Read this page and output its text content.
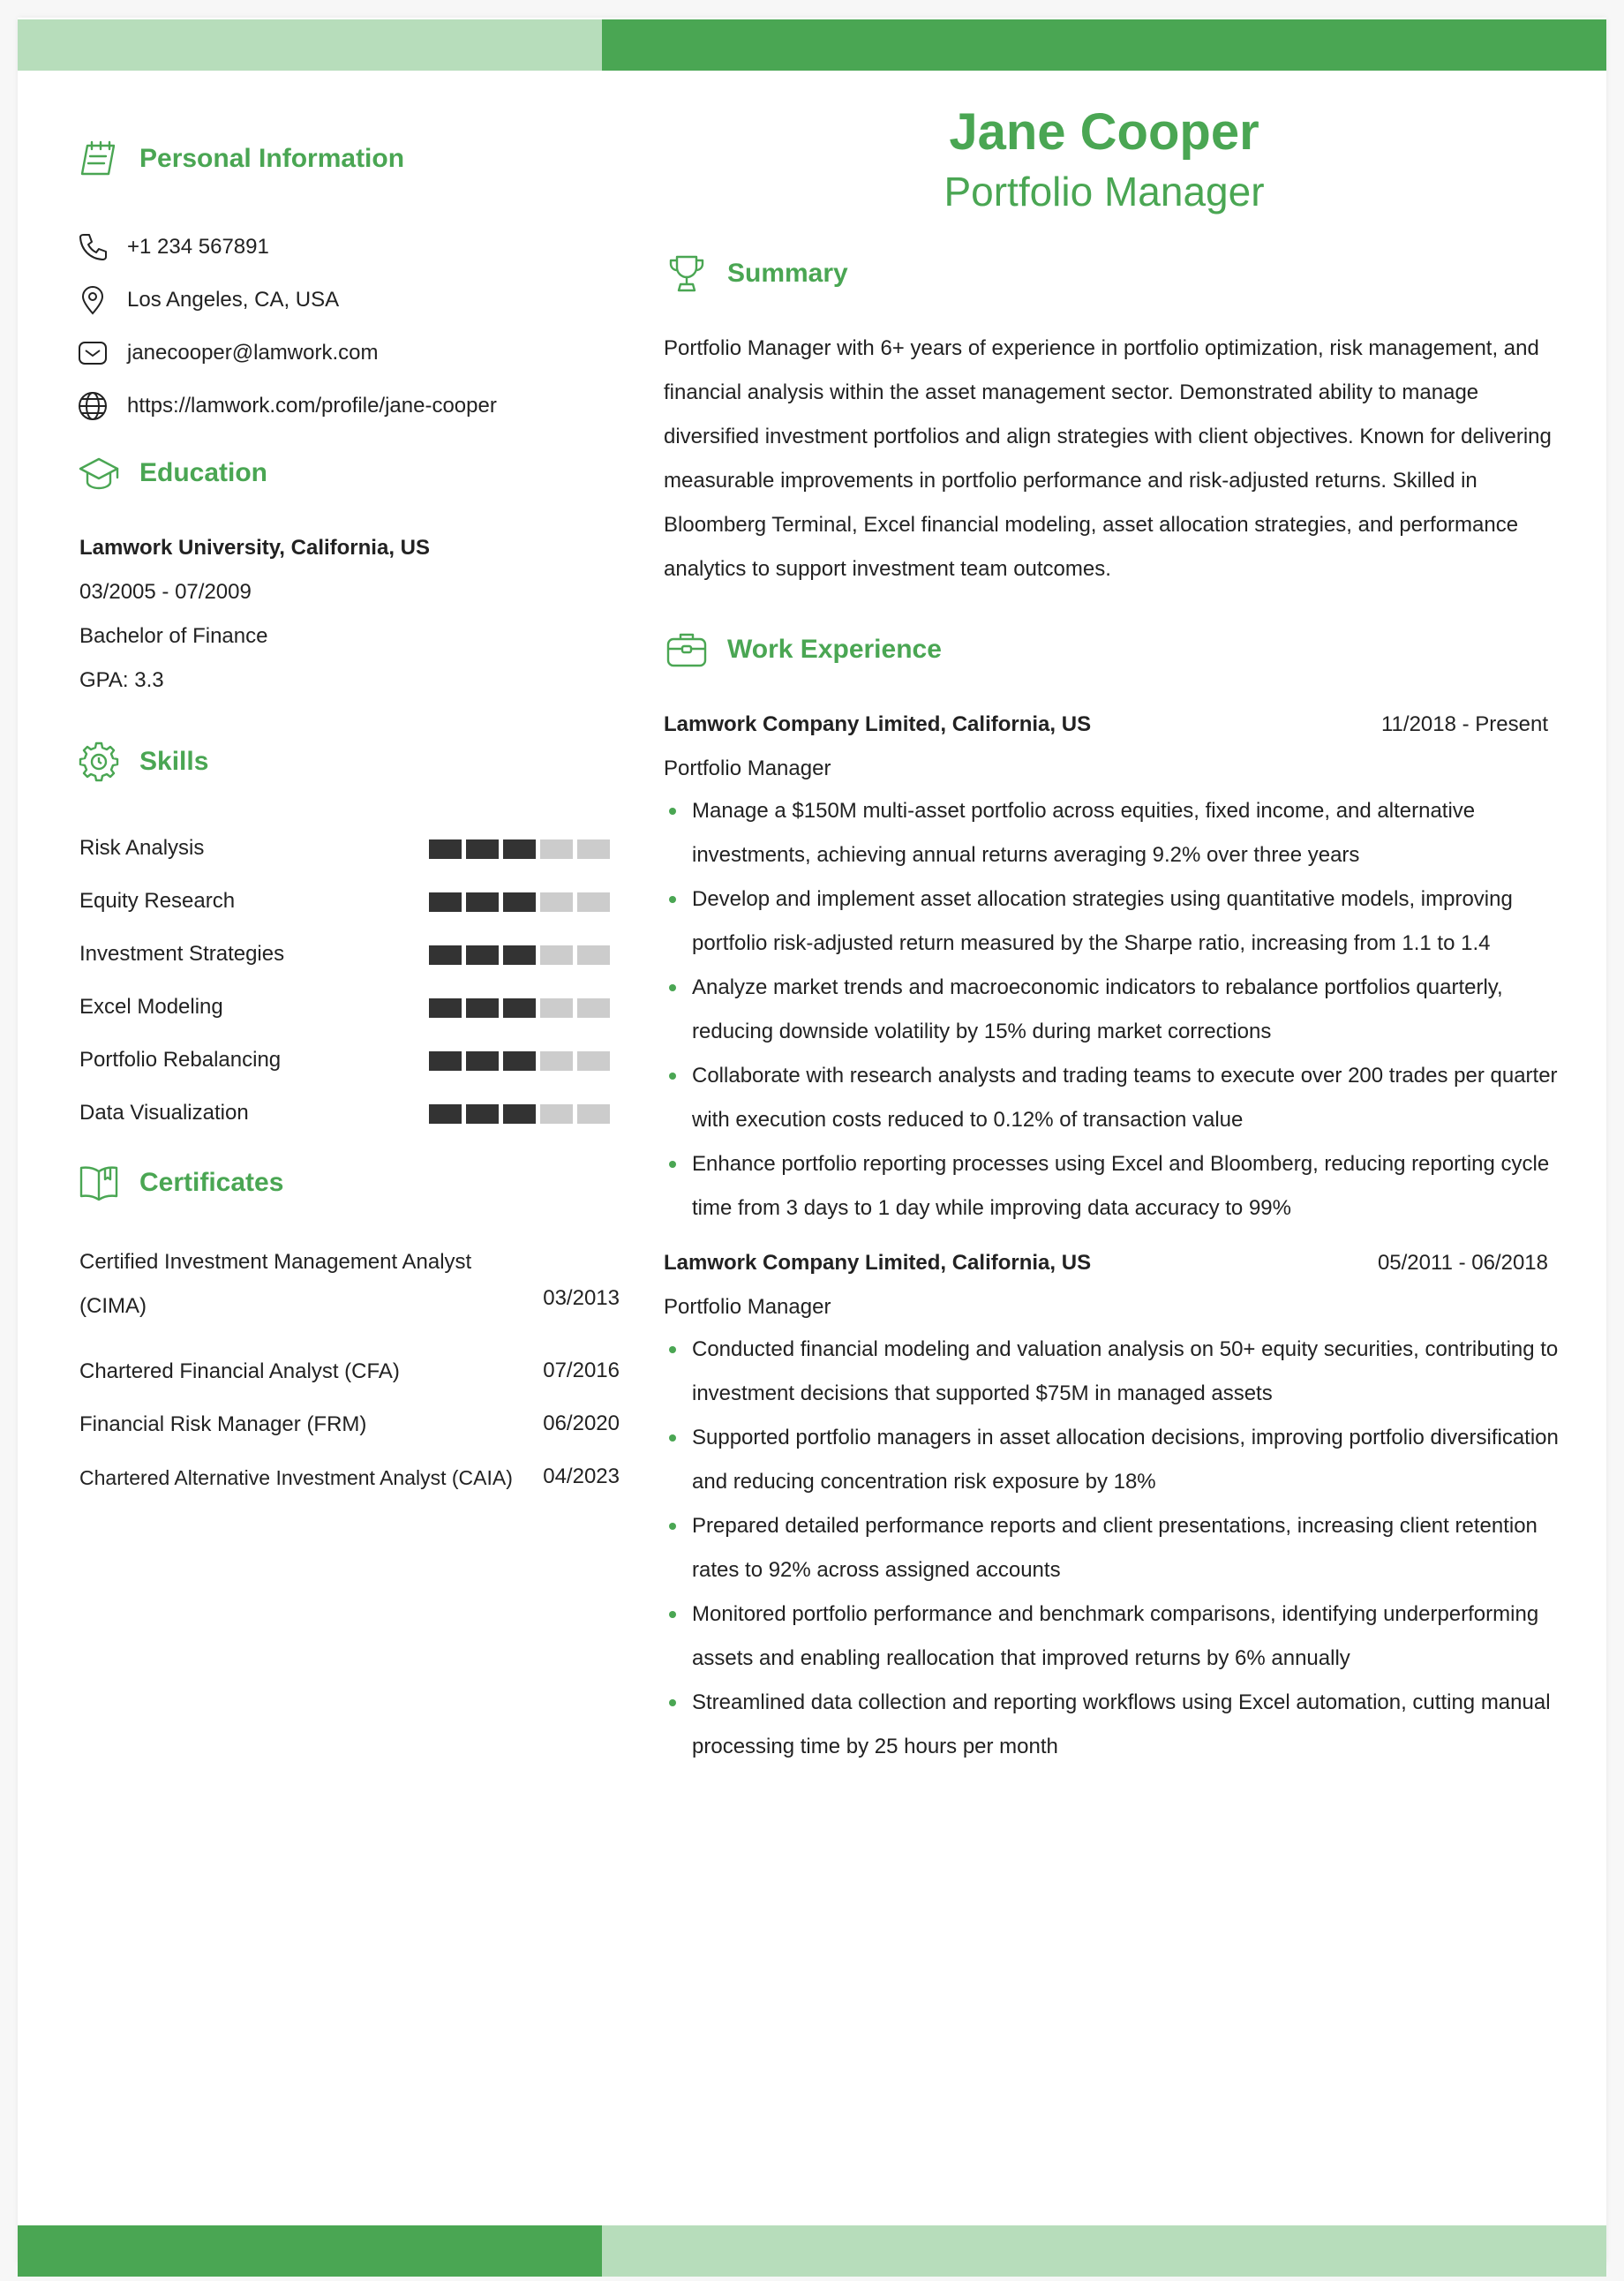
Personal Information
+1 234 567891
Los Angeles, CA, USA
janecooper@lamwork.com
https://lamwork.com/profile/jane-cooper
Education
Lamwork University, California, US
03/2005 - 07/2009
Bachelor of Finance
GPA: 3.3
Skills
Risk Analysis
Equity Research
Investment Strategies
Excel Modeling
Portfolio Rebalancing
Data Visualization
Certificates
Certified Investment Management Analyst (CIMA)	03/2013
Chartered Financial Analyst (CFA)	07/2016
Financial Risk Manager (FRM)	06/2020
Chartered Alternative Investment Analyst (CAIA)	04/2023
Jane Cooper
Portfolio Manager
Summary
Portfolio Manager with 6+ years of experience in portfolio optimization, risk management, and financial analysis within the asset management sector. Demonstrated ability to manage diversified investment portfolios and align strategies with client objectives. Known for delivering measurable improvements in portfolio performance and risk-adjusted returns. Skilled in Bloomberg Terminal, Excel financial modeling, asset allocation strategies, and performance analytics to support investment team outcomes.
Work Experience
Lamwork Company Limited, California, US	11/2018 - Present
Portfolio Manager
Manage a $150M multi-asset portfolio across equities, fixed income, and alternative investments, achieving annual returns averaging 9.2% over three years
Develop and implement asset allocation strategies using quantitative models, improving portfolio risk-adjusted return measured by the Sharpe ratio, increasing from 1.1 to 1.4
Analyze market trends and macroeconomic indicators to rebalance portfolios quarterly, reducing downside volatility by 15% during market corrections
Collaborate with research analysts and trading teams to execute over 200 trades per quarter with execution costs reduced to 0.12% of transaction value
Enhance portfolio reporting processes using Excel and Bloomberg, reducing reporting cycle time from 3 days to 1 day while improving data accuracy to 99%
Lamwork Company Limited, California, US	05/2011 - 06/2018
Portfolio Manager
Conducted financial modeling and valuation analysis on 50+ equity securities, contributing to investment decisions that supported $75M in managed assets
Supported portfolio managers in asset allocation decisions, improving portfolio diversification and reducing concentration risk exposure by 18%
Prepared detailed performance reports and client presentations, increasing client retention rates to 92% across assigned accounts
Monitored portfolio performance and benchmark comparisons, identifying underperforming assets and enabling reallocation that improved returns by 6% annually
Streamlined data collection and reporting workflows using Excel automation, cutting manual processing time by 25 hours per month
